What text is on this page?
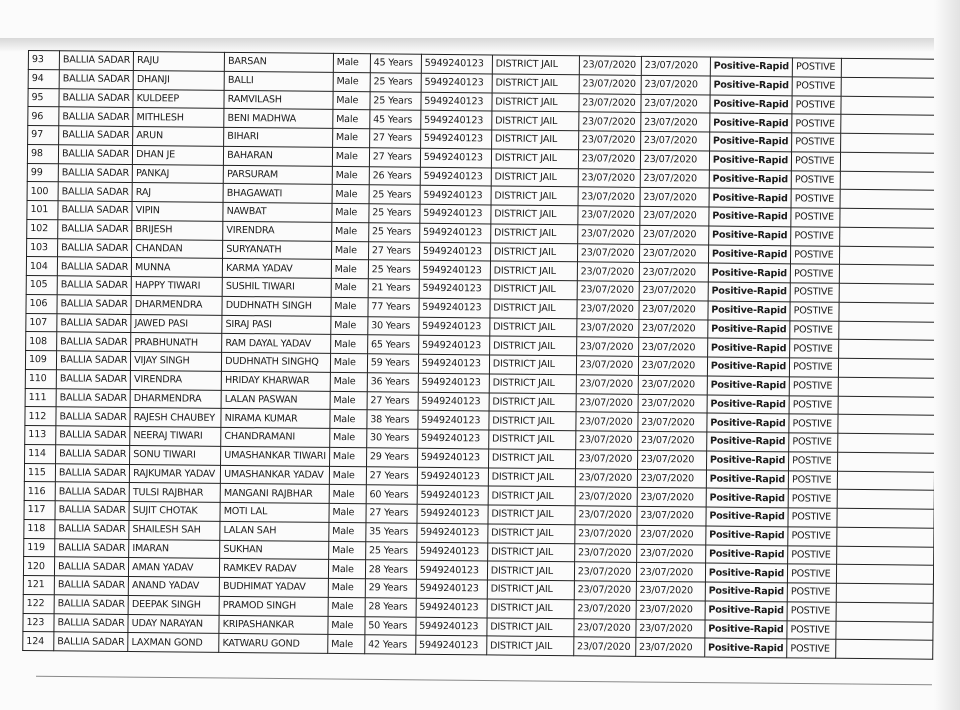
93	BALLIA SADAR	RAJU	BARSAN	Male	45 Years	5949240123	DISTRICT JAIL	23/07/2020	23/07/2020	Positive-Rapid	POSTIVE	
94	BALLIA SADAR	DHANJI	BALLI	Male	25 Years	5949240123	DISTRICT JAIL	23/07/2020	23/07/2020	Positive-Rapid	POSTIVE	
95	BALLIA SADAR	KULDEEP	RAMVILASH	Male	25 Years	5949240123	DISTRICT JAIL	23/07/2020	23/07/2020	Positive-Rapid	POSTIVE	
96	BALLIA SADAR	MITHLESH	BENI MADHWA	Male	45 Years	5949240123	DISTRICT JAIL	23/07/2020	23/07/2020	Positive-Rapid	POSTIVE	
97	BALLIA SADAR	ARUN	BIHARI	Male	27 Years	5949240123	DISTRICT JAIL	23/07/2020	23/07/2020	Positive-Rapid	POSTIVE	
98	BALLIA SADAR	DHAN JE	BAHARAN	Male	27 Years	5949240123	DISTRICT JAIL	23/07/2020	23/07/2020	Positive-Rapid	POSTIVE	
99	BALLIA SADAR	PANKAJ	PARSURAM	Male	26 Years	5949240123	DISTRICT JAIL	23/07/2020	23/07/2020	Positive-Rapid	POSTIVE	
100	BALLIA SADAR	RAJ	BHAGAWATI	Male	25 Years	5949240123	DISTRICT JAIL	23/07/2020	23/07/2020	Positive-Rapid	POSTIVE	
101	BALLIA SADAR	VIPIN	NAWBAT	Male	25 Years	5949240123	DISTRICT JAIL	23/07/2020	23/07/2020	Positive-Rapid	POSTIVE	
102	BALLIA SADAR	BRIJESH	VIRENDRA	Male	25 Years	5949240123	DISTRICT JAIL	23/07/2020	23/07/2020	Positive-Rapid	POSTIVE	
103	BALLIA SADAR	CHANDAN	SURYANATH	Male	27 Years	5949240123	DISTRICT JAIL	23/07/2020	23/07/2020	Positive-Rapid	POSTIVE	
104	BALLIA SADAR	MUNNA	KARMA YADAV	Male	25 Years	5949240123	DISTRICT JAIL	23/07/2020	23/07/2020	Positive-Rapid	POSTIVE	
105	BALLIA SADAR	HAPPY TIWARI	SUSHIL TIWARI	Male	21 Years	5949240123	DISTRICT JAIL	23/07/2020	23/07/2020	Positive-Rapid	POSTIVE	
106	BALLIA SADAR	DHARMENDRA	DUDHNATH SINGH	Male	77 Years	5949240123	DISTRICT JAIL	23/07/2020	23/07/2020	Positive-Rapid	POSTIVE	
107	BALLIA SADAR	JAWED PASI	SIRAJ PASI	Male	30 Years	5949240123	DISTRICT JAIL	23/07/2020	23/07/2020	Positive-Rapid	POSTIVE	
108	BALLIA SADAR	PRABHUNATH	RAM DAYAL YADAV	Male	65 Years	5949240123	DISTRICT JAIL	23/07/2020	23/07/2020	Positive-Rapid	POSTIVE	
109	BALLIA SADAR	VIJAY SINGH	DUDHNATH SINGHQ	Male	59 Years	5949240123	DISTRICT JAIL	23/07/2020	23/07/2020	Positive-Rapid	POSTIVE	
110	BALLIA SADAR	VIRENDRA	HRIDAY KHARWAR	Male	36 Years	5949240123	DISTRICT JAIL	23/07/2020	23/07/2020	Positive-Rapid	POSTIVE	
111	BALLIA SADAR	DHARMENDRA	LALAN PASWAN	Male	27 Years	5949240123	DISTRICT JAIL	23/07/2020	23/07/2020	Positive-Rapid	POSTIVE	
112	BALLIA SADAR	RAJESH CHAUBEY	NIRAMA KUMAR	Male	38 Years	5949240123	DISTRICT JAIL	23/07/2020	23/07/2020	Positive-Rapid	POSTIVE	
113	BALLIA SADAR	NEERAJ TIWARI	CHANDRAMANI	Male	30 Years	5949240123	DISTRICT JAIL	23/07/2020	23/07/2020	Positive-Rapid	POSTIVE	
114	BALLIA SADAR	SONU TIWARI	UMASHANKAR TIWARI	Male	29 Years	5949240123	DISTRICT JAIL	23/07/2020	23/07/2020	Positive-Rapid	POSTIVE	
115	BALLIA SADAR	RAJKUMAR YADAV	UMASHANKAR YADAV	Male	27 Years	5949240123	DISTRICT JAIL	23/07/2020	23/07/2020	Positive-Rapid	POSTIVE	
116	BALLIA SADAR	TULSI RAJBHAR	MANGANI RAJBHAR	Male	60 Years	5949240123	DISTRICT JAIL	23/07/2020	23/07/2020	Positive-Rapid	POSTIVE	
117	BALLIA SADAR	SUJIT CHOTAK	MOTI LAL	Male	27 Years	5949240123	DISTRICT JAIL	23/07/2020	23/07/2020	Positive-Rapid	POSTIVE	
118	BALLIA SADAR	SHAILESH SAH	LALAN SAH	Male	35 Years	5949240123	DISTRICT JAIL	23/07/2020	23/07/2020	Positive-Rapid	POSTIVE	
119	BALLIA SADAR	IMARAN	SUKHAN	Male	25 Years	5949240123	DISTRICT JAIL	23/07/2020	23/07/2020	Positive-Rapid	POSTIVE	
120	BALLIA SADAR	AMAN YADAV	RAMKEV RADAV	Male	28 Years	5949240123	DISTRICT JAIL	23/07/2020	23/07/2020	Positive-Rapid	POSTIVE	
121	BALLIA SADAR	ANAND YADAV	BUDHIMAT YADAV	Male	29 Years	5949240123	DISTRICT JAIL	23/07/2020	23/07/2020	Positive-Rapid	POSTIVE	
122	BALLIA SADAR	DEEPAK SINGH	PRAMOD SINGH	Male	28 Years	5949240123	DISTRICT JAIL	23/07/2020	23/07/2020	Positive-Rapid	POSTIVE	
123	BALLIA SADAR	UDAY NARAYAN	KRIPASHANKAR	Male	50 Years	5949240123	DISTRICT JAIL	23/07/2020	23/07/2020	Positive-Rapid	POSTIVE	
124	BALLIA SADAR	LAXMAN GOND	KATWARU GOND	Male	42 Years	5949240123	DISTRICT JAIL	23/07/2020	23/07/2020	Positive-Rapid	POSTIVE	
